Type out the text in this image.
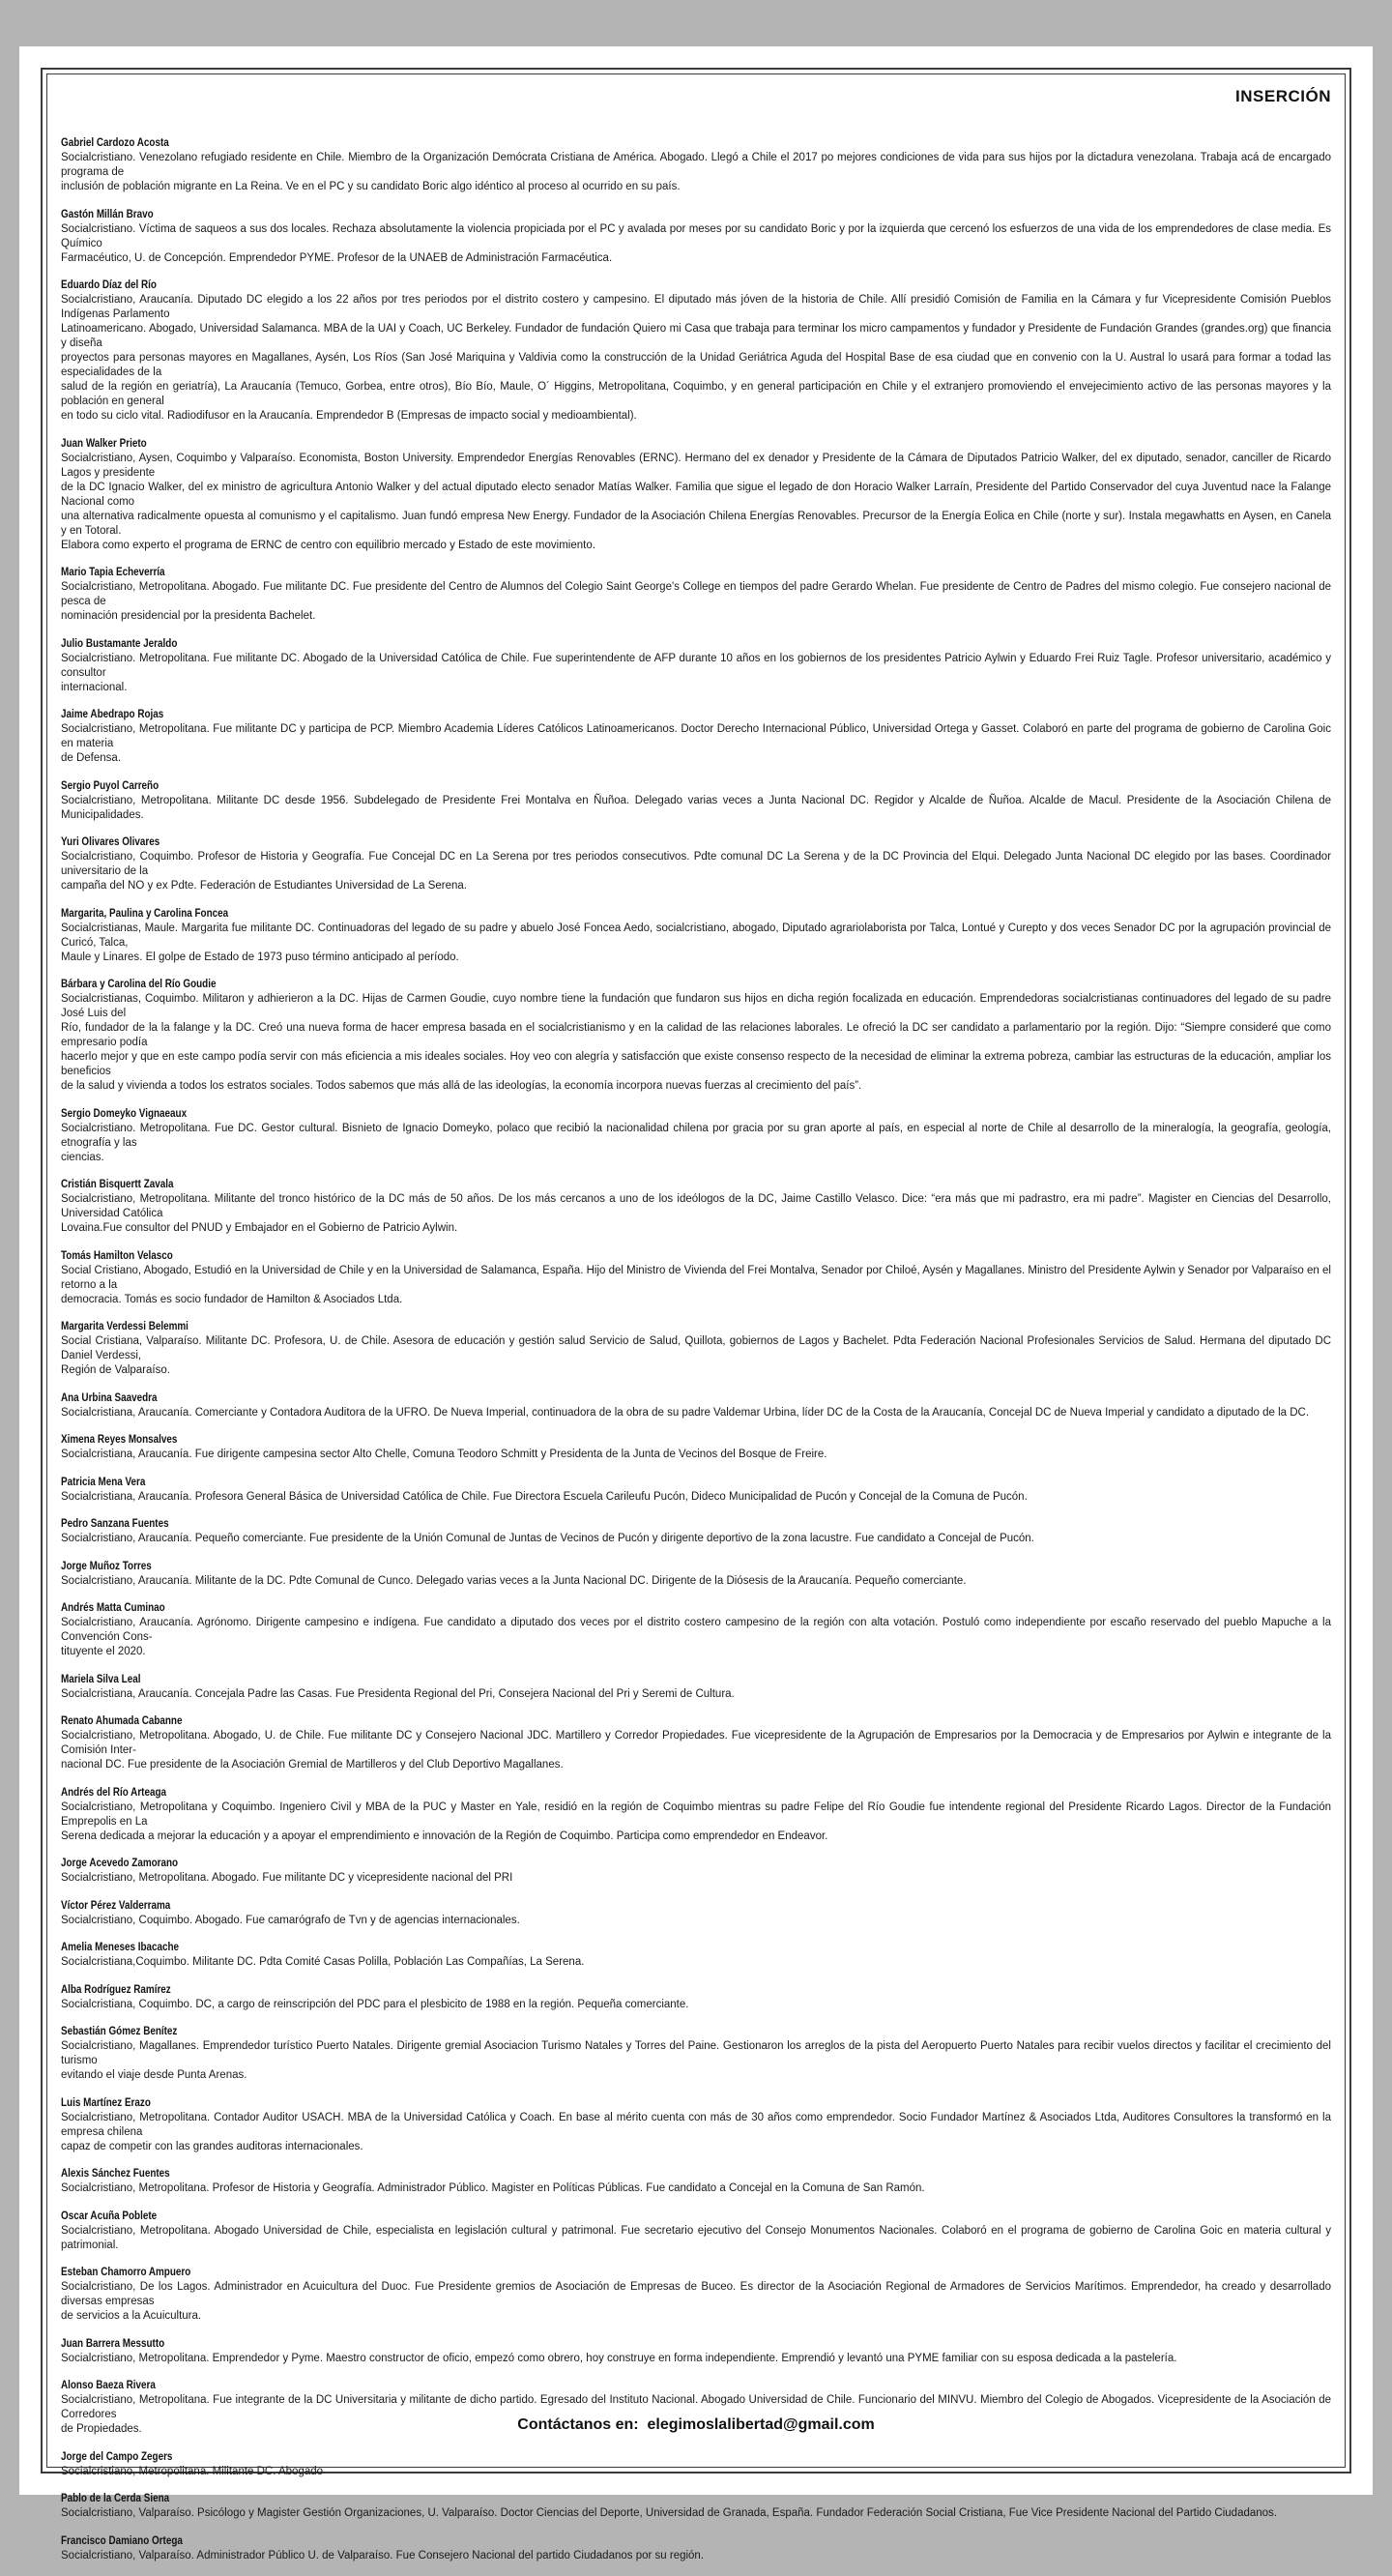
INSERCIÓN
Gabriel Cardozo Acosta
Socialcristiano. Venezolano refugiado residente en Chile. Miembro de la Organización Demócrata Cristiana de América. Abogado. Llegó a Chile el 2017 po mejores condiciones de vida para sus hijos por la dictadura venezolana. Trabaja acá de encargado programa de
inclusión de población migrante en La Reina. Ve en el PC y su candidato Boric algo idéntico al proceso al ocurrido en su país.
Gastón Millán Bravo
Socialcristiano. Víctima de saqueos a sus dos locales. Rechaza absolutamente la violencia propiciada por el PC y avalada por meses por su candidato Boric y por la izquierda que cercenó los esfuerzos de una vida de los emprendedores de clase media. Es Químico
Farmacéutico, U. de Concepción. Emprendedor PYME. Profesor de la UNAEB de Administración Farmacéutica.
Eduardo Díaz del Río
Socialcristiano, Araucanía. Diputado DC elegido a los 22 años por tres periodos por el distrito costero y campesino. El diputado más jóven de la historia de Chile. Allí presidió Comisión de Familia en la Cámara y fur Vicepresidente Comisión Pueblos Indígenas Parlamento
Latinoamericano. Abogado, Universidad Salamanca. MBA de la UAI y Coach, UC Berkeley. Fundador de fundación Quiero mi Casa que trabaja para terminar los micro campamentos y fundador y Presidente de Fundación Grandes (grandes.org) que financia y diseña
proyectos para personas mayores en Magallanes, Aysén, Los Ríos (San José Mariquina y Valdivia como la construcción de la Unidad Geriátrica Aguda del Hospital Base de esa ciudad que en convenio con la U. Austral lo usará para formar a todad las especialidades de la
salud de la región en geriatría), La Araucanía (Temuco, Gorbea, entre otros), Bío Bío, Maule, O´ Higgins, Metropolitana, Coquimbo, y en general participación en Chile y el extranjero promoviendo el envejecimiento activo de las personas mayores y la población en general
en todo su ciclo vital. Radiodifusor en la Araucanía. Emprendedor B (Empresas de impacto social y medioambiental).
Juan Walker Prieto
Socialcristiano, Aysen, Coquimbo y Valparaíso. Economista, Boston University. Emprendedor Energías Renovables (ERNC). Hermano del ex denador y Presidente de la Cámara de Diputados Patricio Walker, del ex diputado, senador, canciller de Ricardo Lagos y presidente
de la DC Ignacio Walker, del ex ministro de agricultura Antonio Walker y del actual diputado electo senador Matías Walker. Familia que sigue el legado de don Horacio Walker Larraín, Presidente del Partido Conservador del cuya Juventud nace la Falange Nacional como
una alternativa radicalmente opuesta al comunismo y el capitalismo. Juan fundó empresa New Energy. Fundador de la Asociación Chilena Energías Renovables. Precursor de la Energía Eolica en Chile (norte y sur). Instala megawhatts en Aysen, en Canela y en Totoral.
Elabora como experto el programa de ERNC de centro con equilibrio mercado y Estado de este movimiento.
Mario Tapia Echeverría
Socialcristiano, Metropolitana. Abogado. Fue militante DC. Fue presidente del Centro de Alumnos del Colegio Saint George's College en tiempos del padre Gerardo Whelan. Fue presidente de Centro de Padres del mismo colegio. Fue consejero nacional de pesca de
nominación presidencial por la presidenta Bachelet.
Julio Bustamante Jeraldo
Socialcristiano. Metropolitana. Fue militante DC. Abogado de la Universidad Católica de Chile. Fue superintendente de AFP durante 10 años en los gobiernos de los presidentes Patricio Aylwin y Eduardo Frei Ruiz Tagle. Profesor universitario, académico y consultor
internacional.
Jaime Abedrapo Rojas
Socialcristiano, Metropolitana. Fue militante DC y participa de PCP. Miembro Academia Líderes Católicos Latinoamericanos. Doctor Derecho Internacional Público, Universidad Ortega y Gasset. Colaboró en parte del programa de gobierno de Carolina Goic en materia
de Defensa.
Sergio Puyol Carreño
Socialcristiano, Metropolitana. Militante DC desde 1956. Subdelegado de Presidente Frei Montalva en Ñuñoa. Delegado varias veces a Junta Nacional DC. Regidor y Alcalde de Ñuñoa. Alcalde de Macul. Presidente de la Asociación Chilena de Municipalidades.
Yuri Olivares Olivares
Socialcristiano, Coquimbo. Profesor de Historia y Geografía. Fue Concejal DC en La Serena por tres periodos consecutivos. Pdte comunal DC La Serena y de la DC Provincia del Elqui. Delegado Junta Nacional DC elegido por las bases. Coordinador universitario de la
campaña del NO y ex Pdte. Federación de Estudiantes Universidad de La Serena.
Margarita, Paulina y Carolina Foncea
Socialcristianas, Maule. Margarita fue militante DC. Continuadoras del legado de su padre y abuelo José Foncea Aedo, socialcristiano, abogado, Diputado agrariolaborista por Talca, Lontué y Curepto y dos veces Senador DC por la agrupación provincial de Curicó, Talca,
Maule y Linares. El golpe de Estado de 1973 puso término anticipado al período.
Bárbara y Carolina del Río Goudie
Socialcristianas, Coquimbo. Militaron y adhierieron a la DC. Hijas de Carmen Goudie, cuyo nombre tiene la fundación que fundaron sus hijos en dicha región focalizada en educación. Emprendedoras socialcristianas continuadores del legado de su padre José Luis del
Río, fundador de la la falange y la DC. Creó una nueva forma de hacer empresa basada en el socialcristianismo y en la calidad de las relaciones laborales. Le ofreció la DC ser candidato a parlamentario por la región. Dijo: “Siempre consideré que como empresario podía
hacerlo mejor y que en este campo podía servir con más eficiencia a mis ideales sociales. Hoy veo con alegría y satisfacción que existe consenso respecto de la necesidad de eliminar la extrema pobreza, cambiar las estructuras de la educación, ampliar los beneficios
de la salud y vivienda a todos los estratos sociales. Todos sabemos que más allá de las ideologías, la economía incorpora nuevas fuerzas al crecimiento del país”.
Sergio Domeyko Vignaeaux
Socialcristiano. Metropolitana. Fue DC. Gestor cultural. Bisnieto de Ignacio Domeyko, polaco que recibió la nacionalidad chilena por gracia por su gran aporte al país, en especial al norte de Chile al desarrollo de la mineralogía, la geografía, geología, etnografía y las
ciencias.
Cristián Bisquertt Zavala
Socialcristiano, Metropolitana. Militante del tronco histórico de la DC más de 50 años. De los más cercanos a uno de los ideólogos de la DC, Jaime Castillo Velasco. Dice: “era más que mi padrastro, era mi padre”. Magister en Ciencias del Desarrollo, Universidad Católica
Lovaina.Fue consultor del PNUD y Embajador en el Gobierno de Patricio Aylwin.
Tomás Hamilton Velasco
Social Cristiano, Abogado, Estudió en la Universidad de Chile y en la Universidad de Salamanca, España. Hijo del Ministro de Vivienda del Frei Montalva, Senador por Chiloé, Aysén y Magallanes. Ministro del Presidente Aylwin y Senador por Valparaíso en el retorno a la
democracia. Tomás es socio fundador de Hamilton & Asociados Ltda.
Margarita Verdessi Belemmi
Social Cristiana, Valparaíso. Militante DC. Profesora, U. de Chile. Asesora de educación y gestión salud Servicio de Salud, Quillota, gobiernos de Lagos y Bachelet. Pdta Federación Nacional Profesionales Servicios de Salud. Hermana del diputado DC Daniel Verdessi,
Región de Valparaíso.
Ana Urbina Saavedra
Socialcristiana, Araucanía. Comerciante y Contadora Auditora de la UFRO. De Nueva Imperial, continuadora de la obra de su padre Valdemar Urbina, líder DC de la Costa de la Araucanía, Concejal DC de Nueva Imperial y candidato a diputado de la DC.
Ximena Reyes Monsalves
Socialcristiana, Araucanía. Fue dirigente campesina sector Alto Chelle, Comuna Teodoro Schmitt y Presidenta de la Junta de Vecinos del Bosque de Freire.
Patricia Mena Vera
Socialcristiana, Araucanía. Profesora General Básica de Universidad Católica de Chile. Fue Directora Escuela Carileufu Pucón, Dideco Municipalidad de Pucón y Concejal de la Comuna de Pucón.
Pedro Sanzana Fuentes
Socialcristiano, Araucanía. Pequeño comerciante. Fue presidente de la Unión Comunal de Juntas de Vecinos de Pucón y dirigente deportivo de la zona lacustre. Fue candidato a Concejal de Pucón.
Jorge Muñoz Torres
Socialcristiano, Araucanía. Militante de la DC. Pdte Comunal de Cunco. Delegado varias veces a la Junta Nacional DC. Dirigente de la Diósesis de la Araucanía. Pequeño comerciante.
Andrés Matta Cuminao
Socialcristiano, Araucanía. Agrónomo. Dirigente campesino e indígena. Fue candidato a diputado dos veces por el distrito costero campesino de la región con alta votación. Postuló como independiente por escaño reservado del pueblo Mapuche a la Convención Cons-
tituyente el 2020.
Mariela Silva Leal
Socialcristiana, Araucanía. Concejala Padre las Casas. Fue Presidenta Regional del Pri, Consejera Nacional del Pri y Seremi de Cultura.
Renato Ahumada Cabanne
Socialcristiano, Metropolitana. Abogado, U. de Chile. Fue militante DC y Consejero Nacional JDC. Martillero y Corredor Propiedades. Fue vicepresidente de la Agrupación de Empresarios por la Democracia y de Empresarios por Aylwin e integrante de la Comisión Inter-
nacional DC. Fue presidente de la Asociación Gremial de Martilleros y del Club Deportivo Magallanes.
Andrés del Río Arteaga
Socialcristiano, Metropolitana y Coquimbo. Ingeniero Civil y MBA de la PUC y Master en Yale, residió en la región de Coquimbo mientras su padre Felipe del Río Goudie fue intendente regional del Presidente Ricardo Lagos. Director de la Fundación Emprepolis en La
Serena dedicada a mejorar la educación y a apoyar el emprendimiento e innovación de la Región de Coquimbo. Participa como emprendedor en Endeavor.
Jorge Acevedo Zamorano
Socialcristiano, Metropolitana. Abogado. Fue militante DC y vicepresidente nacional del PRI
Víctor Pérez Valderrama
Socialcristiano, Coquimbo. Abogado. Fue camarógrafo de Tvn y de agencias internacionales.
Amelia Meneses Ibacache
Socialcristiana,Coquimbo. Militante DC. Pdta Comité Casas Polilla, Población Las Compañías, La Serena.
Alba Rodríguez Ramírez
Socialcristiana, Coquimbo. DC, a cargo de reinscripción del PDC para el plesbicito de 1988 en la región. Pequeña comerciante.
Sebastián Gómez Benítez
Socialcristiano, Magallanes. Emprendedor turístico Puerto Natales. Dirigente gremial Asociacion Turismo Natales y Torres del Paine. Gestionaron los arreglos de la pista del Aeropuerto Puerto Natales para recibir vuelos directos y facilitar el crecimiento del turismo
evitando el viaje desde Punta Arenas.
Luis Martínez Erazo
Socialcristiano, Metropolitana. Contador Auditor USACH. MBA de la Universidad Católica y Coach. En base al mérito cuenta con más de 30 años como emprendedor. Socio Fundador Martínez & Asociados Ltda, Auditores Consultores la transformó en la empresa chilena
capaz de competir con las grandes auditoras internacionales.
Alexis Sánchez Fuentes
Socialcristiano, Metropolitana. Profesor de Historia y Geografía. Administrador Público. Magister en Políticas Públicas. Fue candidato a Concejal en la Comuna de San Ramón.
Oscar Acuña Poblete
Socialcristiano, Metropolitana. Abogado Universidad de Chile, especialista en legislación cultural y patrimonal. Fue secretario ejecutivo del Consejo Monumentos Nacionales. Colaboró en el programa de gobierno de Carolina Goic en materia cultural y patrimonial.
Esteban Chamorro Ampuero
Socialcristiano, De los Lagos. Administrador en Acuicultura del Duoc. Fue Presidente gremios de Asociación de Empresas de Buceo. Es director de la Asociación Regional de Armadores de Servicios Marítimos. Emprendedor, ha creado y desarrollado diversas empresas
de servicios a la Acuicultura.
Juan Barrera Messutto
Socialcristiano, Metropolitana. Emprendedor y Pyme. Maestro constructor de oficio, empezó como obrero, hoy construye en forma independiente. Emprendió y levantó una PYME familiar con su esposa dedicada a la pastelería.
Alonso Baeza Rivera
Socialcristiano, Metropolitana. Fue integrante de la DC Universitaria y militante de dicho partido. Egresado del Instituto Nacional. Abogado Universidad de Chile. Funcionario del MINVU. Miembro del Colegio de Abogados. Vicepresidente de la Asociación de Corredores
de Propiedades.
Jorge del Campo Zegers
Socialcristiano, Metropolitana. Militante DC. Abogado
Pablo de la Cerda Siena
Socialcristiano, Valparaíso. Psicólogo y Magister Gestión Organizaciones, U. Valparaíso. Doctor Ciencias del Deporte, Universidad de Granada, España. Fundador Federación Social Cristiana, Fue Vice Presidente Nacional del Partido Ciudadanos.
Francisco Damiano Ortega
Socialcristiano, Valparaíso. Administrador Público U. de Valparaíso. Fue Consejero Nacional del partido Ciudadanos por su región.
Contáctanos en: elegimoslalibertad@gmail.com
